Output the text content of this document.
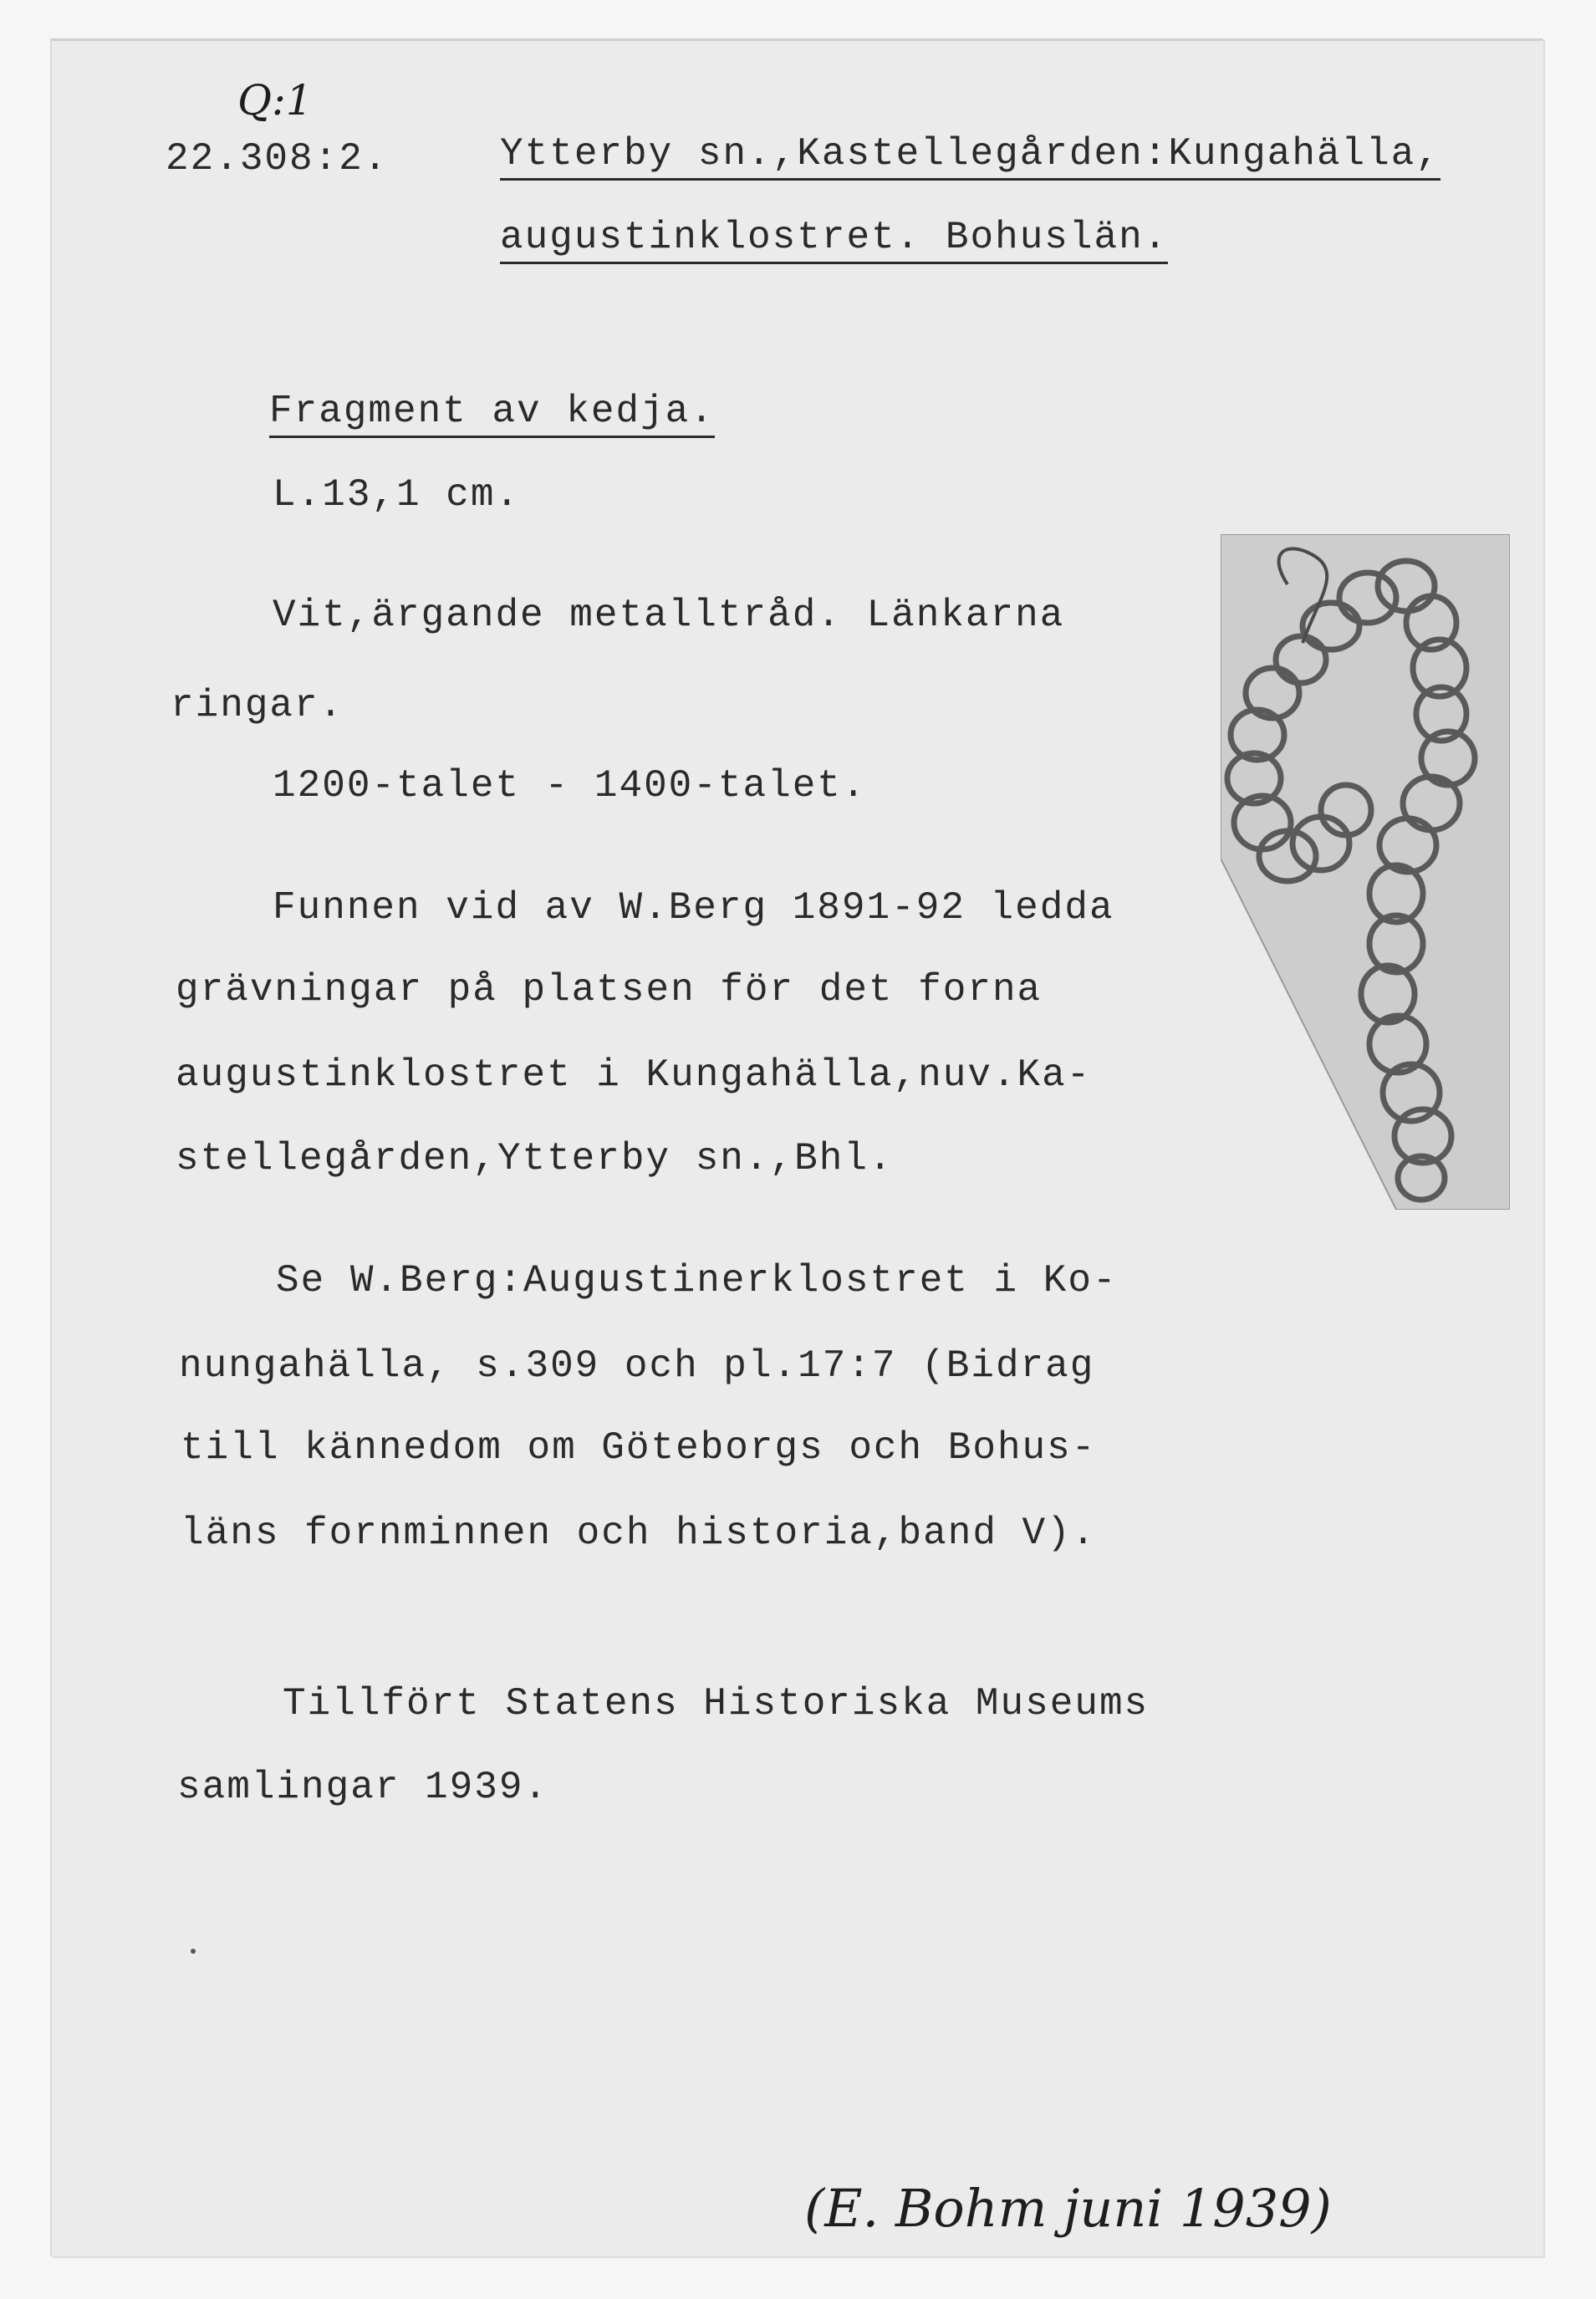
Q:1
22.308:2.	Ytterby sn.,Kastellegården:Kungahälla,
augustinklostret. Bohuslän.
Fragment av kedja.
L.13,1 cm.
Vit,ärgande metalltråd. Länkarna
ringar.
1200-talet - 1400-talet.
Funnen vid av W.Berg 1891-92 ledda
grävningar på platsen för det forna
augustinklostret i Kungahälla,nuv.Ka-
stellegården,Ytterby sn.,Bhl.
Se W.Berg:Augustinerklostret i Ko-
nungahälla, s.309 och pl.17:7 (Bidrag
till kännedom om Göteborgs och Bohus-
läns fornminnen och historia,band V).
Tillfört Statens Historiska Museums
samlingar 1939.
(E. Bohm juni 1939)
